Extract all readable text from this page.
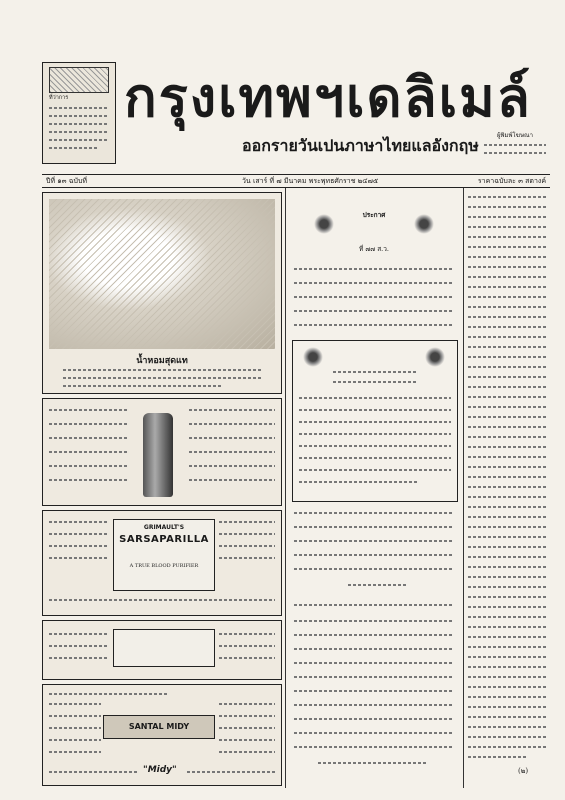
ที่ว่าการ	กรุงเทพฯเดลิเมล์
ออกรายวันเปนภาษาไทยแลอังกฤษ
ผู้พิมพ์โฆษณา
ปีที่ ๑๓ ฉบับที่	วัน เสาร์ ที่ ๗ มีนาคม พระพุทธศักราช ๒๔๗๕	ราคาฉบับละ ๓ สตางค์
น้ำหอมสุดแท
GRIMAULT'S
SARSAPARILLA
A TRUE BLOOD PURIFIER
SANTAL MIDY
"Midy"
ประกาศ
ที่ ๗๗ ส.ว.
(๒)
